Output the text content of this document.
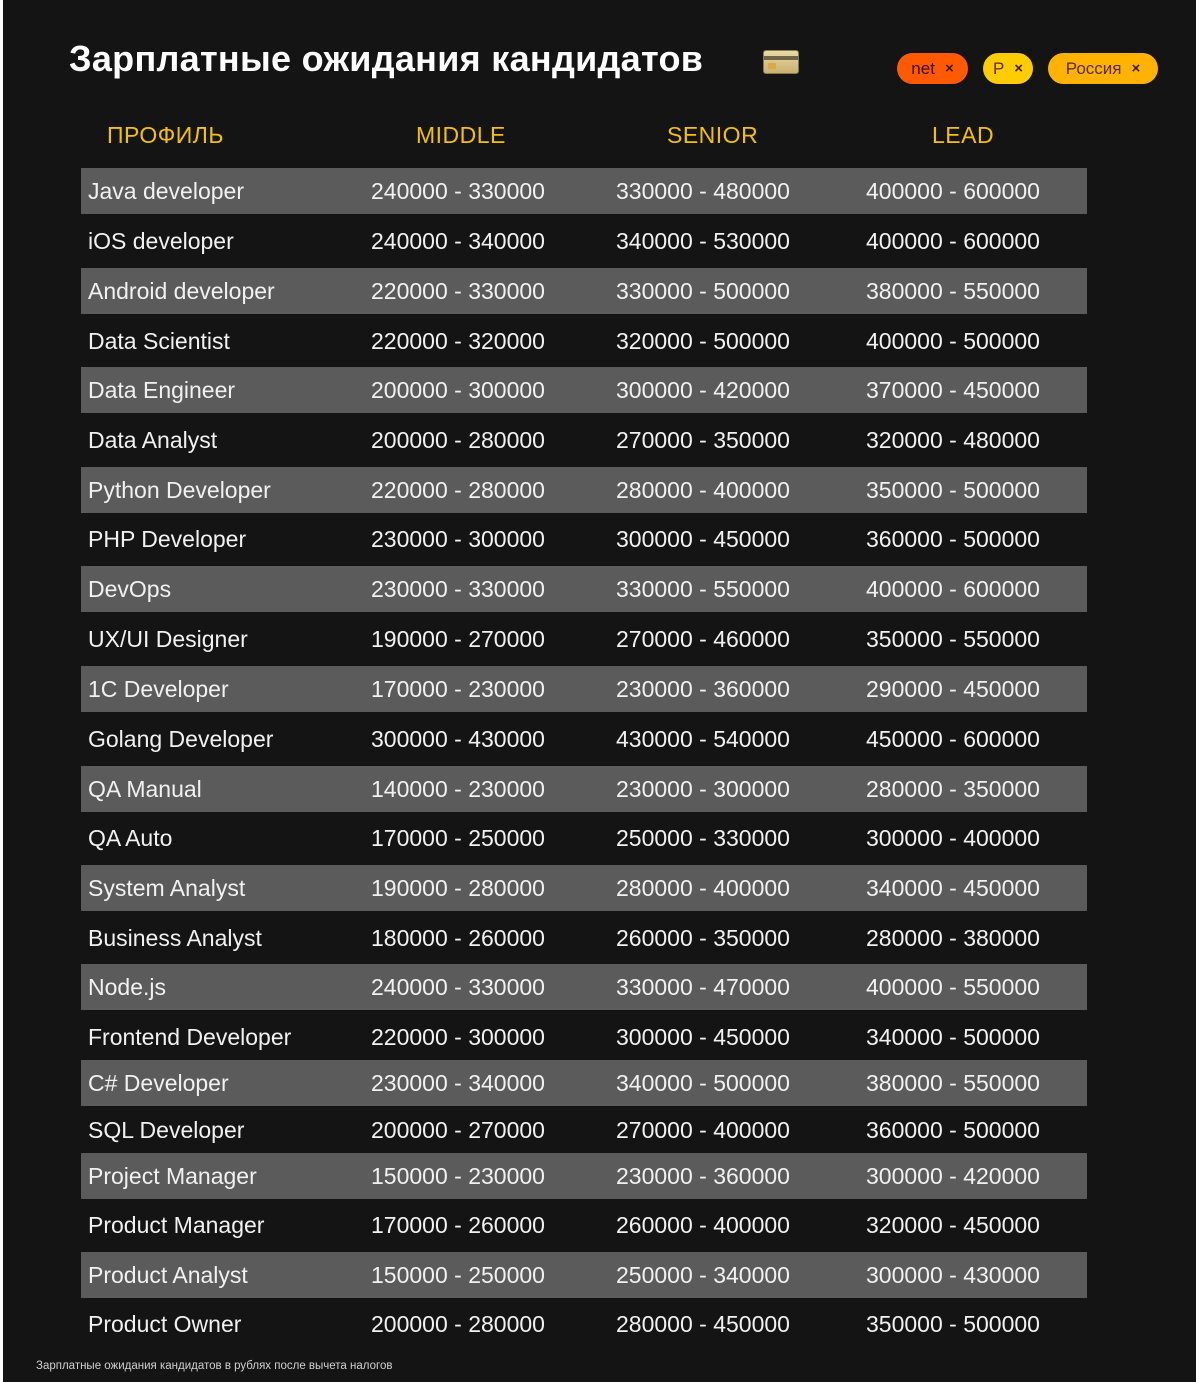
Зарплатные ожидания кандидатов	net × Р ×	Россия ×
ПРОФИЛЬ	MIDDLE	SENIOR	LEAD
Java developer	240000 - 330000	330000 - 480000	400000 - 600000
iOS developer	240000 - 340000	340000 - 530000	400000 - 600000
Android developer	220000 - 330000	330000 - 500000	380000 - 550000
Data Scientist	220000 - 320000	320000 - 500000	400000 - 500000
Data Engineer	200000 - 300000	300000 - 420000	370000 - 450000
Data Analyst	200000 - 280000	270000 - 350000	320000 - 480000
Python Developer	220000 - 280000	280000 - 400000	350000 - 500000
PHP Developer	230000 - 300000	300000 - 450000	360000 - 500000
DevOps	230000 - 330000	330000 - 550000	400000 - 600000
UX/UI Designer	190000 - 270000	270000 - 460000	350000 - 550000
1C Developer	170000 - 230000	230000 - 360000	290000 - 450000
Golang Developer	300000 - 430000	430000 - 540000	450000 - 600000
QA Manual	140000 - 230000	230000 - 300000	280000 - 350000
QA Auto	170000 - 250000	250000 - 330000	300000 - 400000
System Analyst	190000 - 280000	280000 - 400000	340000 - 450000
Business Analyst	180000 - 260000	260000 - 350000	280000 - 380000
Node.js	240000 - 330000	330000 - 470000	400000 - 550000
Frontend Developer	220000 - 300000	300000 - 450000	340000 - 500000
C# Developer	230000 - 340000	340000 - 500000	380000 - 550000
SQL Developer	200000 - 270000	270000 - 400000	360000 - 500000
Project Manager	150000 - 230000	230000 - 360000	300000 - 420000
Product Manager	170000 - 260000	260000 - 400000	320000 - 450000
Product Analyst	150000 - 250000	250000 - 340000	300000 - 430000
Product Owner	200000 - 280000	280000 - 450000	350000 - 500000
Зарплатные ожидания кандидатов в рублях после вычета налогов
